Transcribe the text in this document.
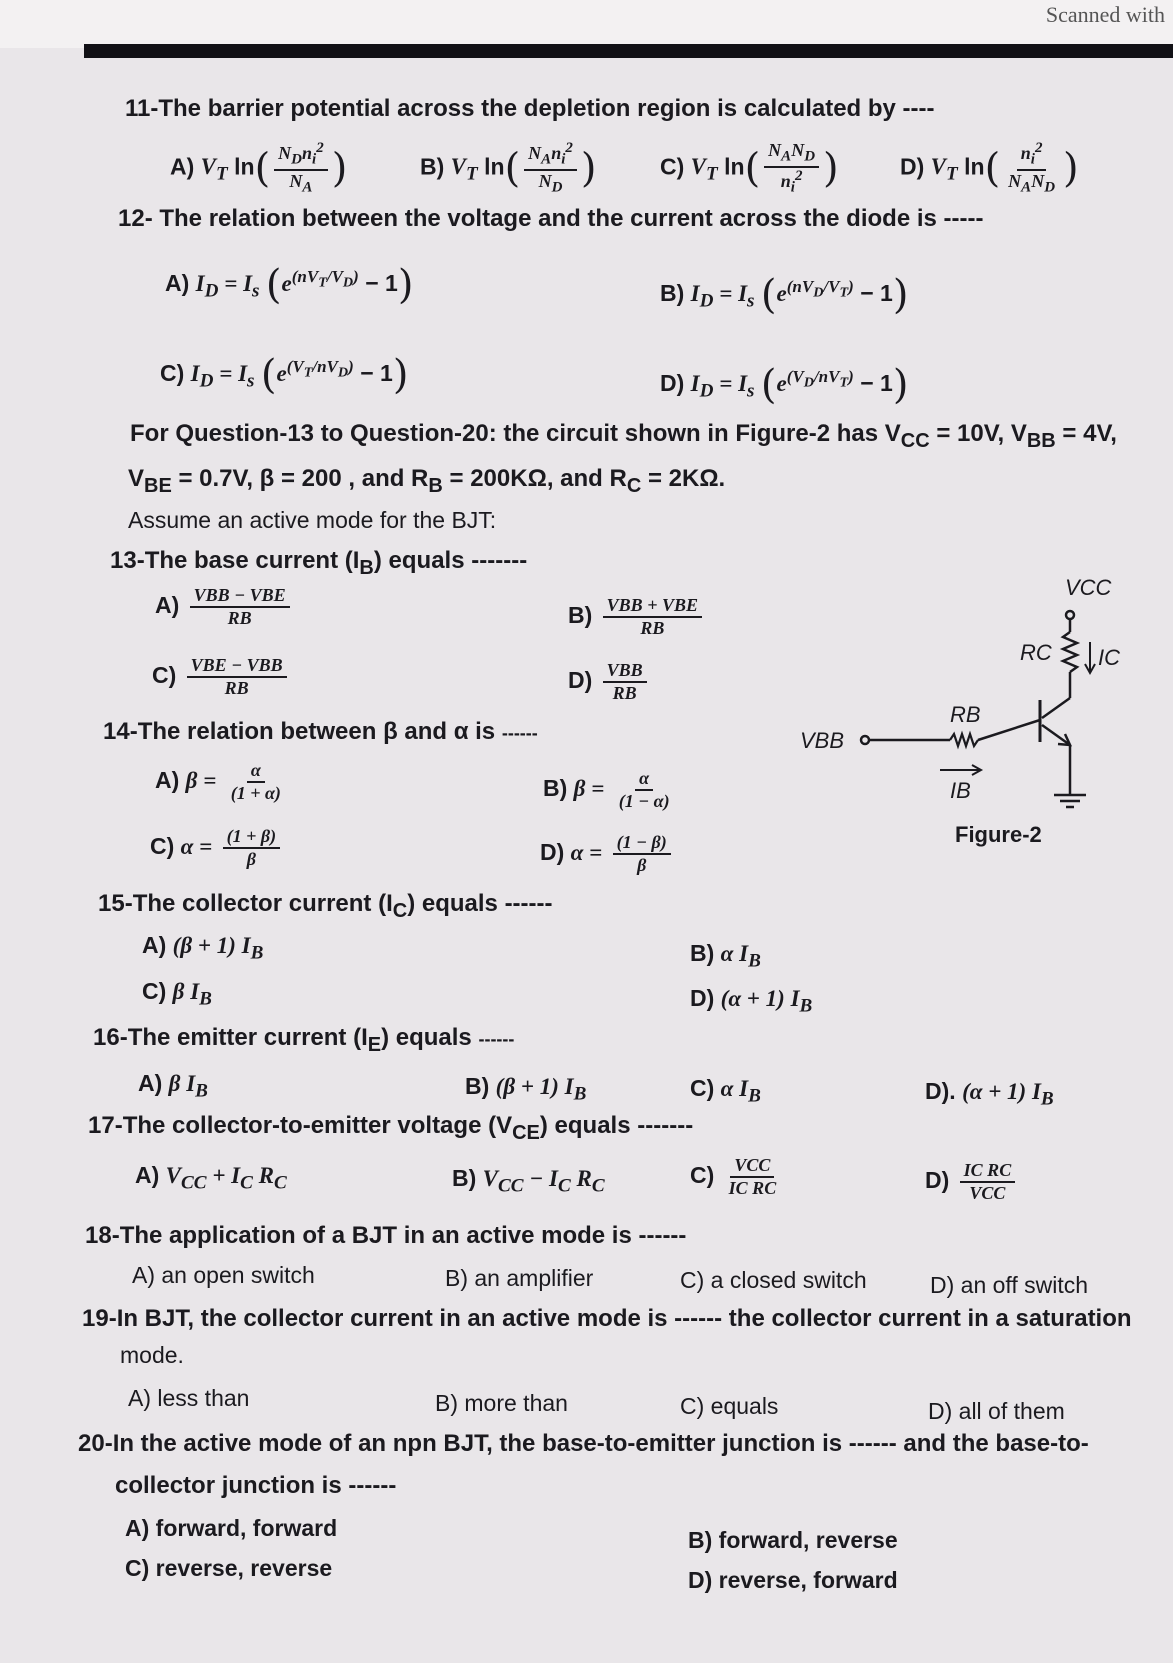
Scanned with
11-The barrier potential across the depletion region is calculated by ----
A) $V_T$ $\ln( \frac{N_Dn_i^2}{N_A}$ )	B) $V_T$ $\ln( \frac{N_An_i^2}{N_D}$ )	C) $V_T$ $\ln( \frac{N_AN_D}{n_i^2}$ )	D) $V_T$ $\ln( \frac{n_i^2}{N_AN_D}$ )
12- The relation between the voltage and the current across the diode is -----
A) $I_D = I_s$ $(e^{(nV_T/V_D)} - 1)$	B) $I_D = I_s$ $(e^{(nV_D/V_T)} - 1)$
C) $I_D = I_s$ $(e^{(V_T/nV_D)} - 1)$	D) $I_D = I_s$ $(e^{(V_D/nV_T)} - 1)$
For Question-13 to Question-20: the circuit shown in Figure-2 has $V_{CC} = 10V$, $V_{BB} = 4V$,
$V_{BE} = 0.7V$, β = 200 , and $R_B = 200K\Omega$, and $R_C = 2K\Omega$.
Assume an active mode for the BJT:
13-The base current $(I_B)$ equals -------
$A) \frac{\text{VBB − VBE}}{RB}$	$B) \frac{\text{VBB + VBE}}{RB}$
$C) \frac{\text{VBE − VBB}}{RB}$	$D) \frac{\text{VBB}}{RB}$
14-The relation between β and α is ------
A) $\beta = \frac{\alpha}{(1 + \alpha)}$	B) $\beta = \frac{\alpha}{(1 - \alpha)}$
C) $\alpha = \frac{(1 + \beta)}{\beta}$	D) $\alpha = \frac{(1 - \beta)}{\beta}$
15-The collector current $(I_C)$ equals ------
A) (β + 1) $I_B$	B) α $I_B$
C) β $I_B$	D) (α + 1) $I_B$
16-The emitter current $(I_E)$ equals ------
A) β $I_B$	B) (β + 1) $I_B$	C) α $I_B$	D). (α + 1) $I_B$
17-The collector-to-emitter voltage $(V_{CE})$ equals -------
A) $V_{CC} + I_C$ $R_C$	B) $V_{CC} - I_C$ $R_C$	$C) \frac{\text{VCC}}{\text{IC RC}}$	$D) \frac{\text{IC RC}}{\text{VCC}}$
18-The application of a BJT in an active mode is ------
A) an open switch	B) an amplifier	C) a closed switch	D) an off switch
19-In BJT, the collector current in an active mode is ------ the collector current in a saturation
mode.
A) less than	B) more than	C) equals	D) all of them
20-In the active mode of an npn BJT, the base-to-emitter junction is ------ and the base-to-
collector junction is ------
A) forward, forward	B) forward, reverse
C) reverse, reverse	D) reverse, forward
VCC
RC IC
VBB
RB
IB
Figure-2
